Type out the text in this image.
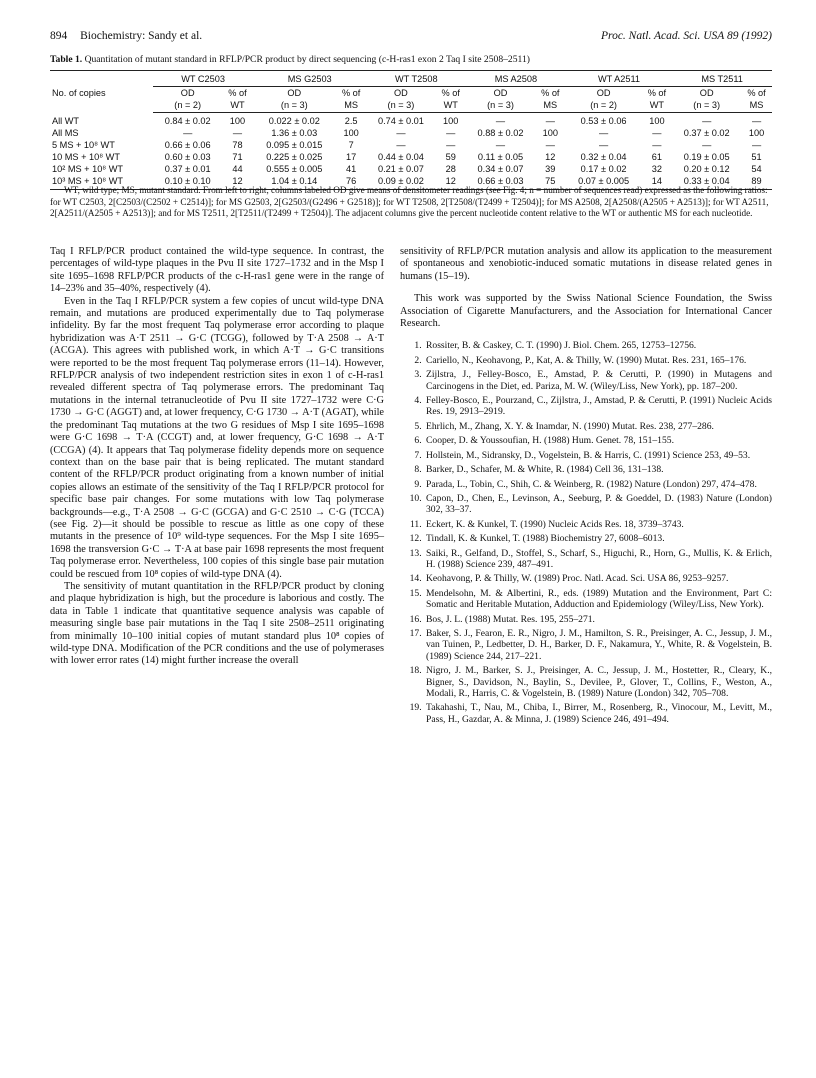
894 Biochemistry: Sandy et al.	Proc. Natl. Acad. Sci. USA 89 (1992)
Table 1. Quantitation of mutant standard in RFLP/PCR product by direct sequencing (c-H-ras1 exon 2 Taq I site 2508–2511)
No. of copies	WT C2503		MS G2503		WT T2508		MS A2508		WT A2511		MS T2511	
	OD	% of	OD	% of	OD	% of	OD	% of	OD	% of	OD	% of
	(n = 2)	WT	(n = 3)	MS	(n = 3)	WT	(n = 3)	MS	(n = 2)	WT	(n = 3)	MS
All WT	0.84 ± 0.02	100	0.022 ± 0.02	2.5	0.74 ± 0.01	100	—	—	0.53 ± 0.06	100	—	—
All MS	—	—	1.36 ± 0.03	100	—	—	0.88 ± 0.02	100	—	—	0.37 ± 0.02	100
5 MS + 10⁸ WT	0.66 ± 0.06	78	0.095 ± 0.015	7	—	—	—	—	—	—	—	—
10 MS + 10⁸ WT	0.60 ± 0.03	71	0.225 ± 0.025	17	0.44 ± 0.04	59	0.11 ± 0.05	12	0.32 ± 0.04	61	0.19 ± 0.05	51
10² MS + 10⁸ WT	0.37 ± 0.01	44	0.555 ± 0.005	41	0.21 ± 0.07	28	0.34 ± 0.07	39	0.17 ± 0.02	32	0.20 ± 0.12	54
10³ MS + 10⁸ WT	0.10 ± 0.10	12	1.04 ± 0.14	76	0.09 ± 0.02	12	0.66 ± 0.03	75	0.07 ± 0.005	14	0.33 ± 0.04	89
WT, wild type; MS, mutant standard. From left to right, columns labeled OD give means of densitometer readings (see Fig. 4; n = number of sequences read) expressed as the following ratios: for WT C2503, 2[C2503/(C2502 + C2514)]; for MS G2503, 2[G2503/(G2496 + G2518)]; for WT T2508, 2[T2508/(T2499 + T2504)]; for MS A2508, 2[A2508/(A2505 + A2513)]; for WT A2511, 2[A2511/(A2505 + A2513)]; and for MS T2511, 2[T2511/(T2499 + T2504)]. The adjacent columns give the percent nucleotide content relative to the WT or authentic MS for each nucleotide.

Taq I RFLP/PCR product contained the wild-type sequence. In contrast, the percentages of wild-type plaques in the Pvu II site 1727–1732 and in the Msp I site 1695–1698 RFLP/PCR products of the c-H-ras1 gene were in the range of 14–23% and 35–40%, respectively (4).

Even in the Taq I RFLP/PCR system a few copies of uncut wild-type DNA remain, and mutations are produced experimentally due to Taq polymerase infidelity. By far the most frequent Taq polymerase error according to plaque hybridization was A·T 2511 → G·C (TCGG), followed by T·A 2508 → A·T (ACGA). This agrees with published work, in which A·T → G·C transitions were reported to be the most frequent Taq polymerase errors (11–14). However, RFLP/PCR analysis of two independent restriction sites in exon 1 of c-H-ras1 revealed different spectra of Taq polymerase errors. The predominant Taq mutations in the internal tetranucleotide of Pvu II site 1727–1732 were C·G 1730 → G·C (AGGT) and, at lower frequency, C·G 1730 → A·T (AGAT), while the predominant Taq mutations at the two G residues of Msp I site 1695–1698 were G·C 1698 → T·A (CCGT) and, at lower frequency, G·C 1698 → A·T (CCGA) (4). It appears that Taq polymerase fidelity depends more on sequence context than on the base pair that is being replicated. The mutant standard content of the RFLP/PCR product originating from a known number of initial copies allows an estimate of the sensitivity of the Taq I RFLP/PCR protocol for specific base pair changes. For some mutations with low Taq polymerase backgrounds—e.g., T·A 2508 → G·C (GCGA) and G·C 2510 → C·G (TCCA) (see Fig. 2)—it should be possible to rescue as little as one copy of these mutants in the presence of 10⁹ wild-type sequences. For the Msp I site 1695–1698 the transversion G·C → T·A at base pair 1698 represents the most frequent Taq polymerase error. Nevertheless, 100 copies of this single base pair mutation could be rescued from 10⁸ copies of wild-type DNA (4).

The sensitivity of mutant quantitation in the RFLP/PCR product by cloning and plaque hybridization is high, but the procedure is laborious and costly. The data in Table 1 indicate that quantitative sequence analysis was capable of measuring single base pair mutations in the Taq I site 2508–2511 originating from minimally 10–100 initial copies of mutant standard plus 10⁸ copies of wild-type DNA. Modification of the PCR conditions and the use of polymerases with lower error rates (14) might further increase the overall

sensitivity of RFLP/PCR mutation analysis and allow its application to the measurement of spontaneous and xenobiotic-induced somatic mutations in disease related genes in humans (15–19).

This work was supported by the Swiss National Science Foundation, the Swiss Association of Cigarette Manufacturers, and the Association for International Cancer Research.

1. Rossiter, B. & Caskey, C. T. (1990) J. Biol. Chem. 265, 12753–12756.
2. Cariello, N., Keohavong, P., Kat, A. & Thilly, W. (1990) Mutat. Res. 231, 165–176.
3. Zijlstra, J., Felley-Bosco, E., Amstad, P. & Cerutti, P. (1990) in Mutagens and Carcinogens in the Diet, ed. Pariza, M. W. (Wiley/Liss, New York), pp. 187–200.
4. Felley-Bosco, E., Pourzand, C., Zijlstra, J., Amstad, P. & Cerutti, P. (1991) Nucleic Acids Res. 19, 2913–2919.
5. Ehrlich, M., Zhang, X. Y. & Inamdar, N. (1990) Mutat. Res. 238, 277–286.
6. Cooper, D. & Youssoufian, H. (1988) Hum. Genet. 78, 151–155.
7. Hollstein, M., Sidransky, D., Vogelstein, B. & Harris, C. (1991) Science 253, 49–53.
8. Barker, D., Schafer, M. & White, R. (1984) Cell 36, 131–138.
9. Parada, L., Tobin, C., Shih, C. & Weinberg, R. (1982) Nature (London) 297, 474–478.
10. Capon, D., Chen, E., Levinson, A., Seeburg, P. & Goeddel, D. (1983) Nature (London) 302, 33–37.
11. Eckert, K. & Kunkel, T. (1990) Nucleic Acids Res. 18, 3739–3743.
12. Tindall, K. & Kunkel, T. (1988) Biochemistry 27, 6008–6013.
13. Saiki, R., Gelfand, D., Stoffel, S., Scharf, S., Higuchi, R., Horn, G., Mullis, K. & Erlich, H. (1988) Science 239, 487–491.
14. Keohavong, P. & Thilly, W. (1989) Proc. Natl. Acad. Sci. USA 86, 9253–9257.
15. Mendelsohn, M. & Albertini, R., eds. (1989) Mutation and the Environment, Part C: Somatic and Heritable Mutation, Adduction and Epidemiology (Wiley/Liss, New York).
16. Bos, J. L. (1988) Mutat. Res. 195, 255–271.
17. Baker, S. J., Fearon, E. R., Nigro, J. M., Hamilton, S. R., Preisinger, A. C., Jessup, J. M., van Tuinen, P., Ledbetter, D. H., Barker, D. F., Nakamura, Y., White, R. & Vogelstein, B. (1989) Science 244, 217–221.
18. Nigro, J. M., Barker, S. J., Preisinger, A. C., Jessup, J. M., Hostetter, R., Cleary, K., Bigner, S., Davidson, N., Baylin, S., Devilee, P., Glover, T., Collins, F., Weston, A., Modali, R., Harris, C. & Vogelstein, B. (1989) Nature (London) 342, 705–708.
19. Takahashi, T., Nau, M., Chiba, I., Birrer, M., Rosenberg, R., Vinocour, M., Levitt, M., Pass, H., Gazdar, A. & Minna, J. (1989) Science 246, 491–494.
